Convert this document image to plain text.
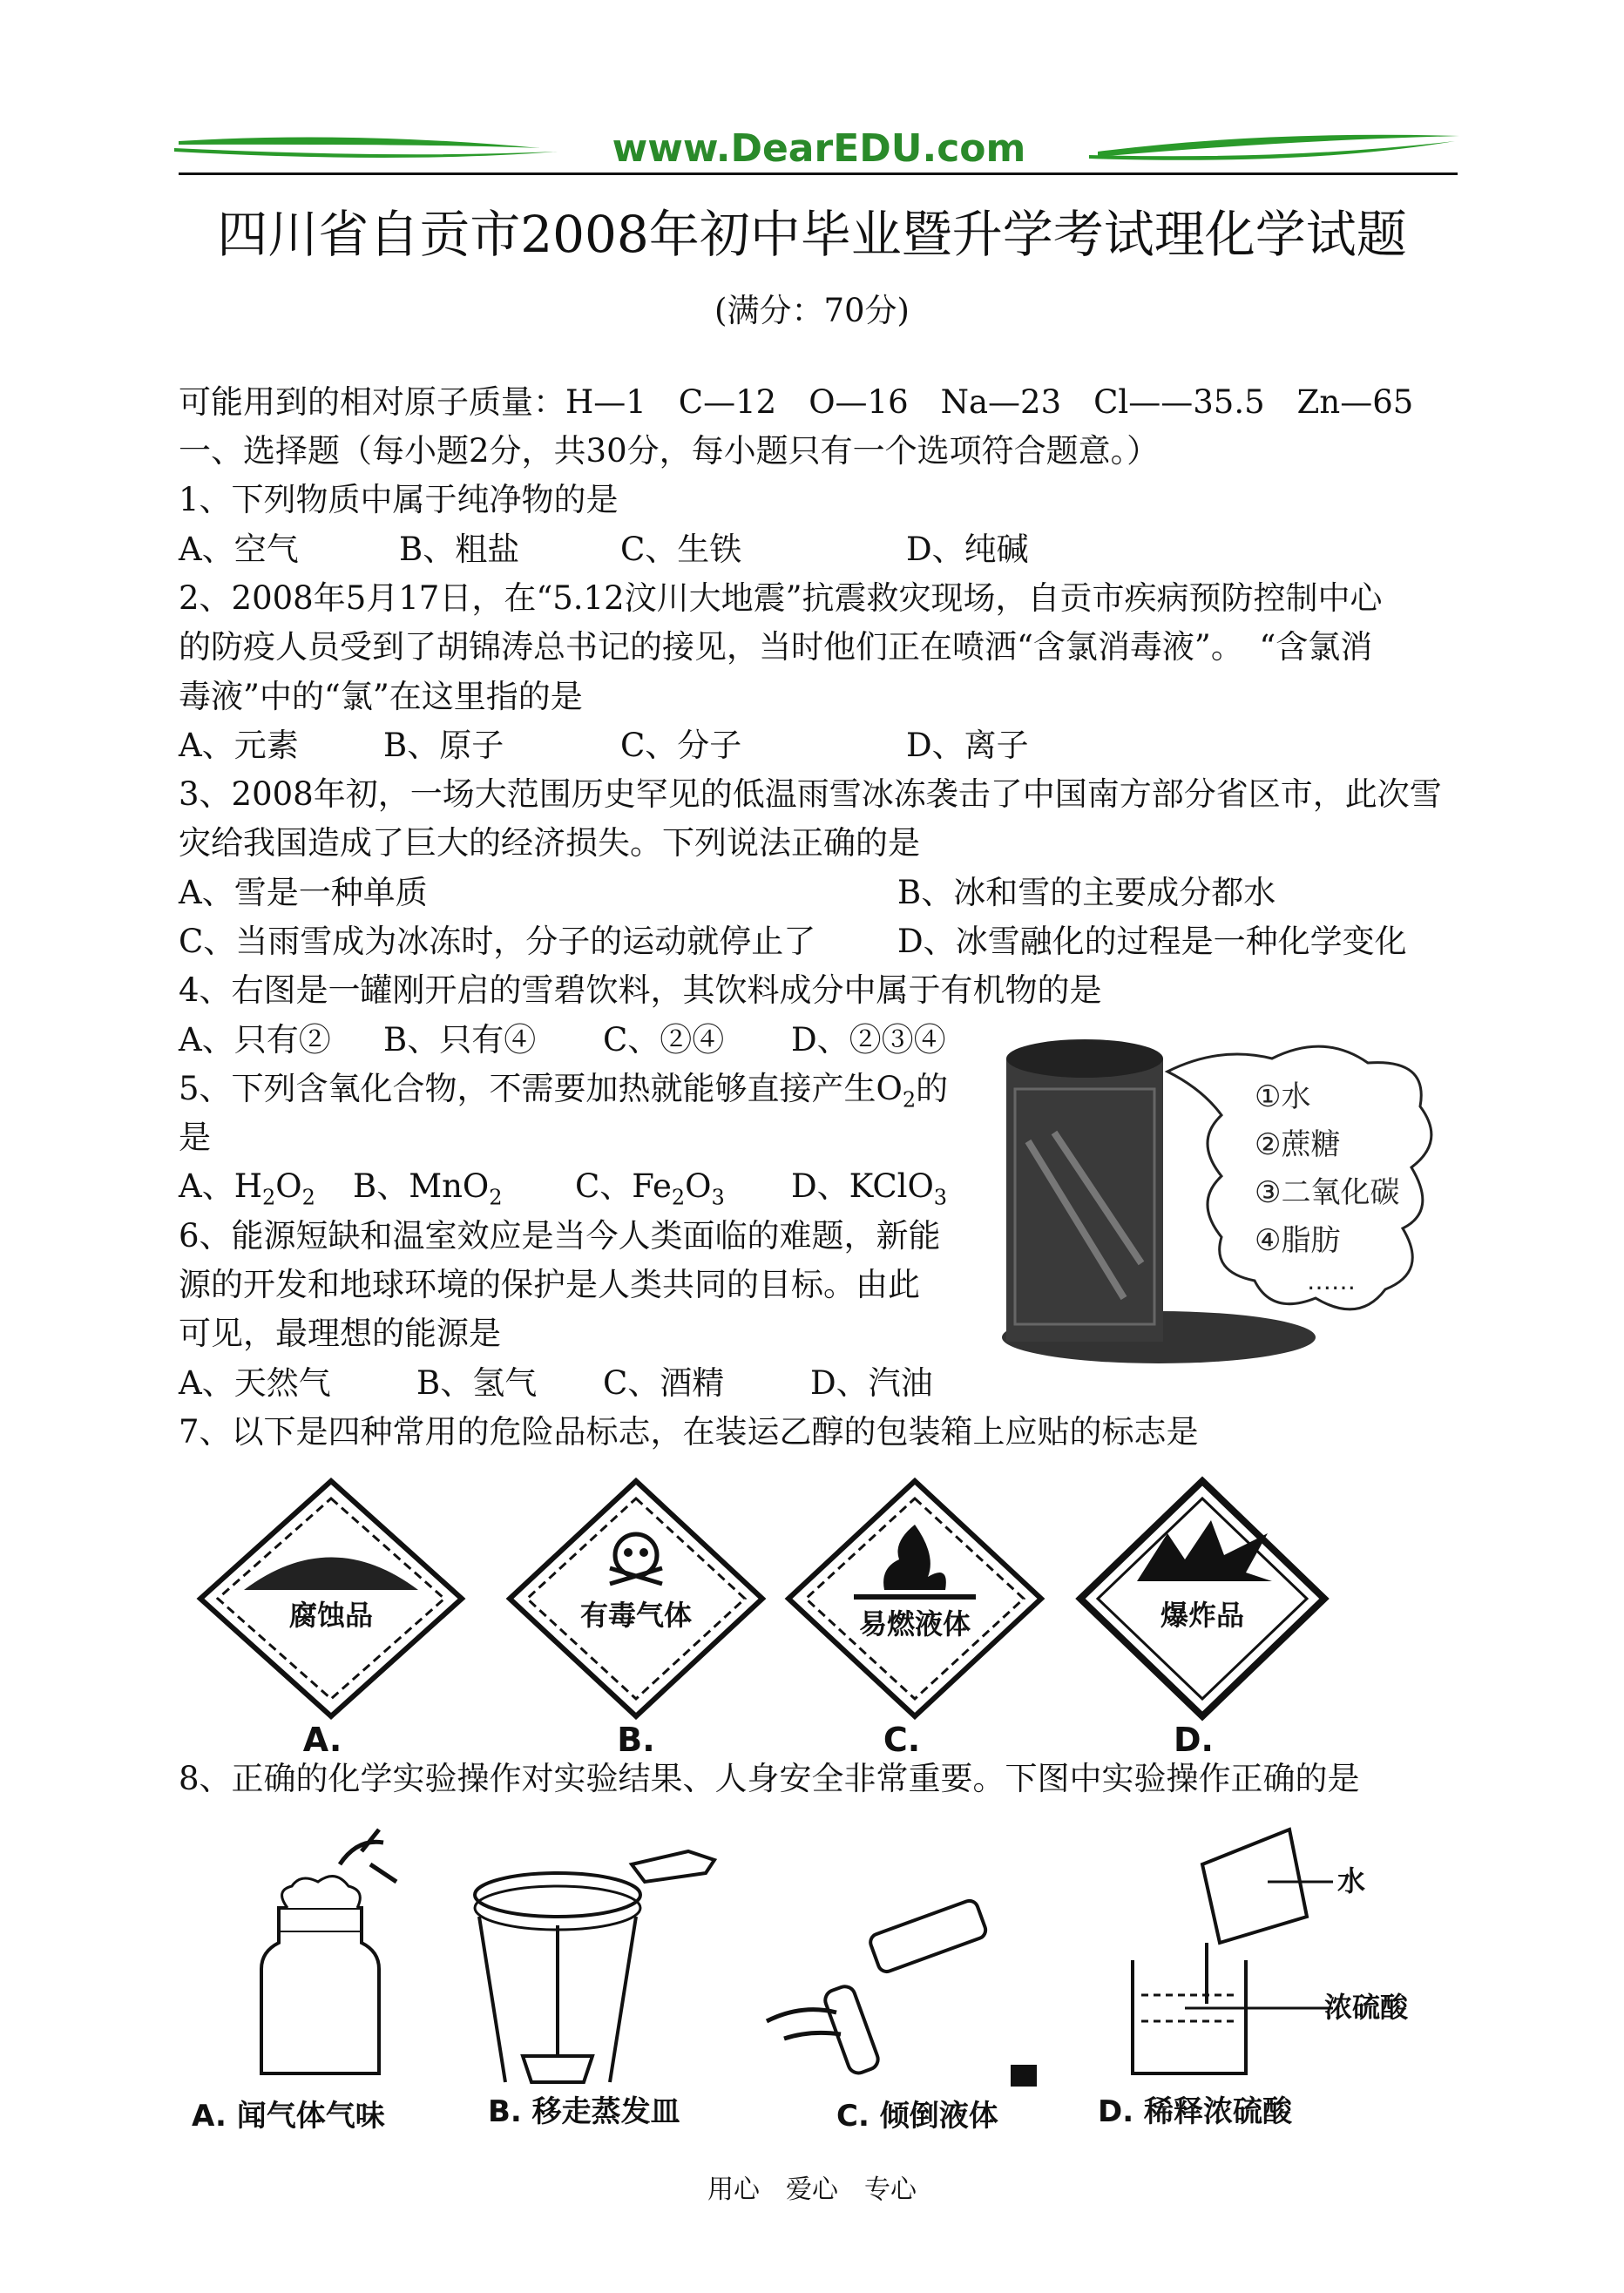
www.DearEDU.com
四川省自贡市2008年初中毕业暨升学考试理化学试题
(满分：70分)
可能用到的相对原子质量：H—1　C—12　O—16　Na—23　Cl——35.5　Zn—65
一、选择题（每小题2分，共30分，每小题只有一个选项符合题意。）
1、下列物质中属于纯净物的是
A、空气	B、粗盐	C、生铁	D、纯碱
2、2008年5月17日，在“5.12汶川大地震”抗震救灾现场，自贡市疾病预防控制中心
的防疫人员受到了胡锦涛总书记的接见，当时他们正在喷洒“含氯消毒液”。　“含氯消
毒液”中的“氯”在这里指的是
A、元素	B、原子	C、分子	D、离子
3、2008年初，一场大范围历史罕见的低温雨雪冰冻袭击了中国南方部分省区市，此次雪
灾给我国造成了巨大的经济损失。下列说法正确的是
A、雪是一种单质	B、冰和雪的主要成分都水
C、当雨雪成为冰冻时，分子的运动就停止了	D、冰雪融化的过程是一种化学变化
4、右图是一罐刚开启的雪碧饮料，其饮料成分中属于有机物的是
A、只有② B、只有④ C、②④ D、②③④
①水
②蔗糖
③二氧化碳
④脂肪
……
5、下列含氧化合物，不需要加热就能够直接产生$O_2$的
是
A、$H_2O_2$ B、MnO$_2$ C、$Fe_2O_3$ D、KClO$_3$
6、能源短缺和温室效应是当今人类面临的难题，新能
源的开发和地球环境的保护是人类共同的目标。由此
可见，最理想的能源是
A、天然气	B、氢气 C、酒精	D、汽油
7、以下是四种常用的危险品标志，在装运乙醇的包装箱上应贴的标志是
腐蚀品
A.
有毒气体
B.
易燃液体
C.
爆炸品
D.
8、正确的化学实验操作对实验结果、人身安全非常重要。下图中实验操作正确的是
水
浓硫酸
A. 闻气体气味	B. 移走蒸发皿	C. 倾倒液体	D. 稀释浓硫酸
用心　爱心　专心
